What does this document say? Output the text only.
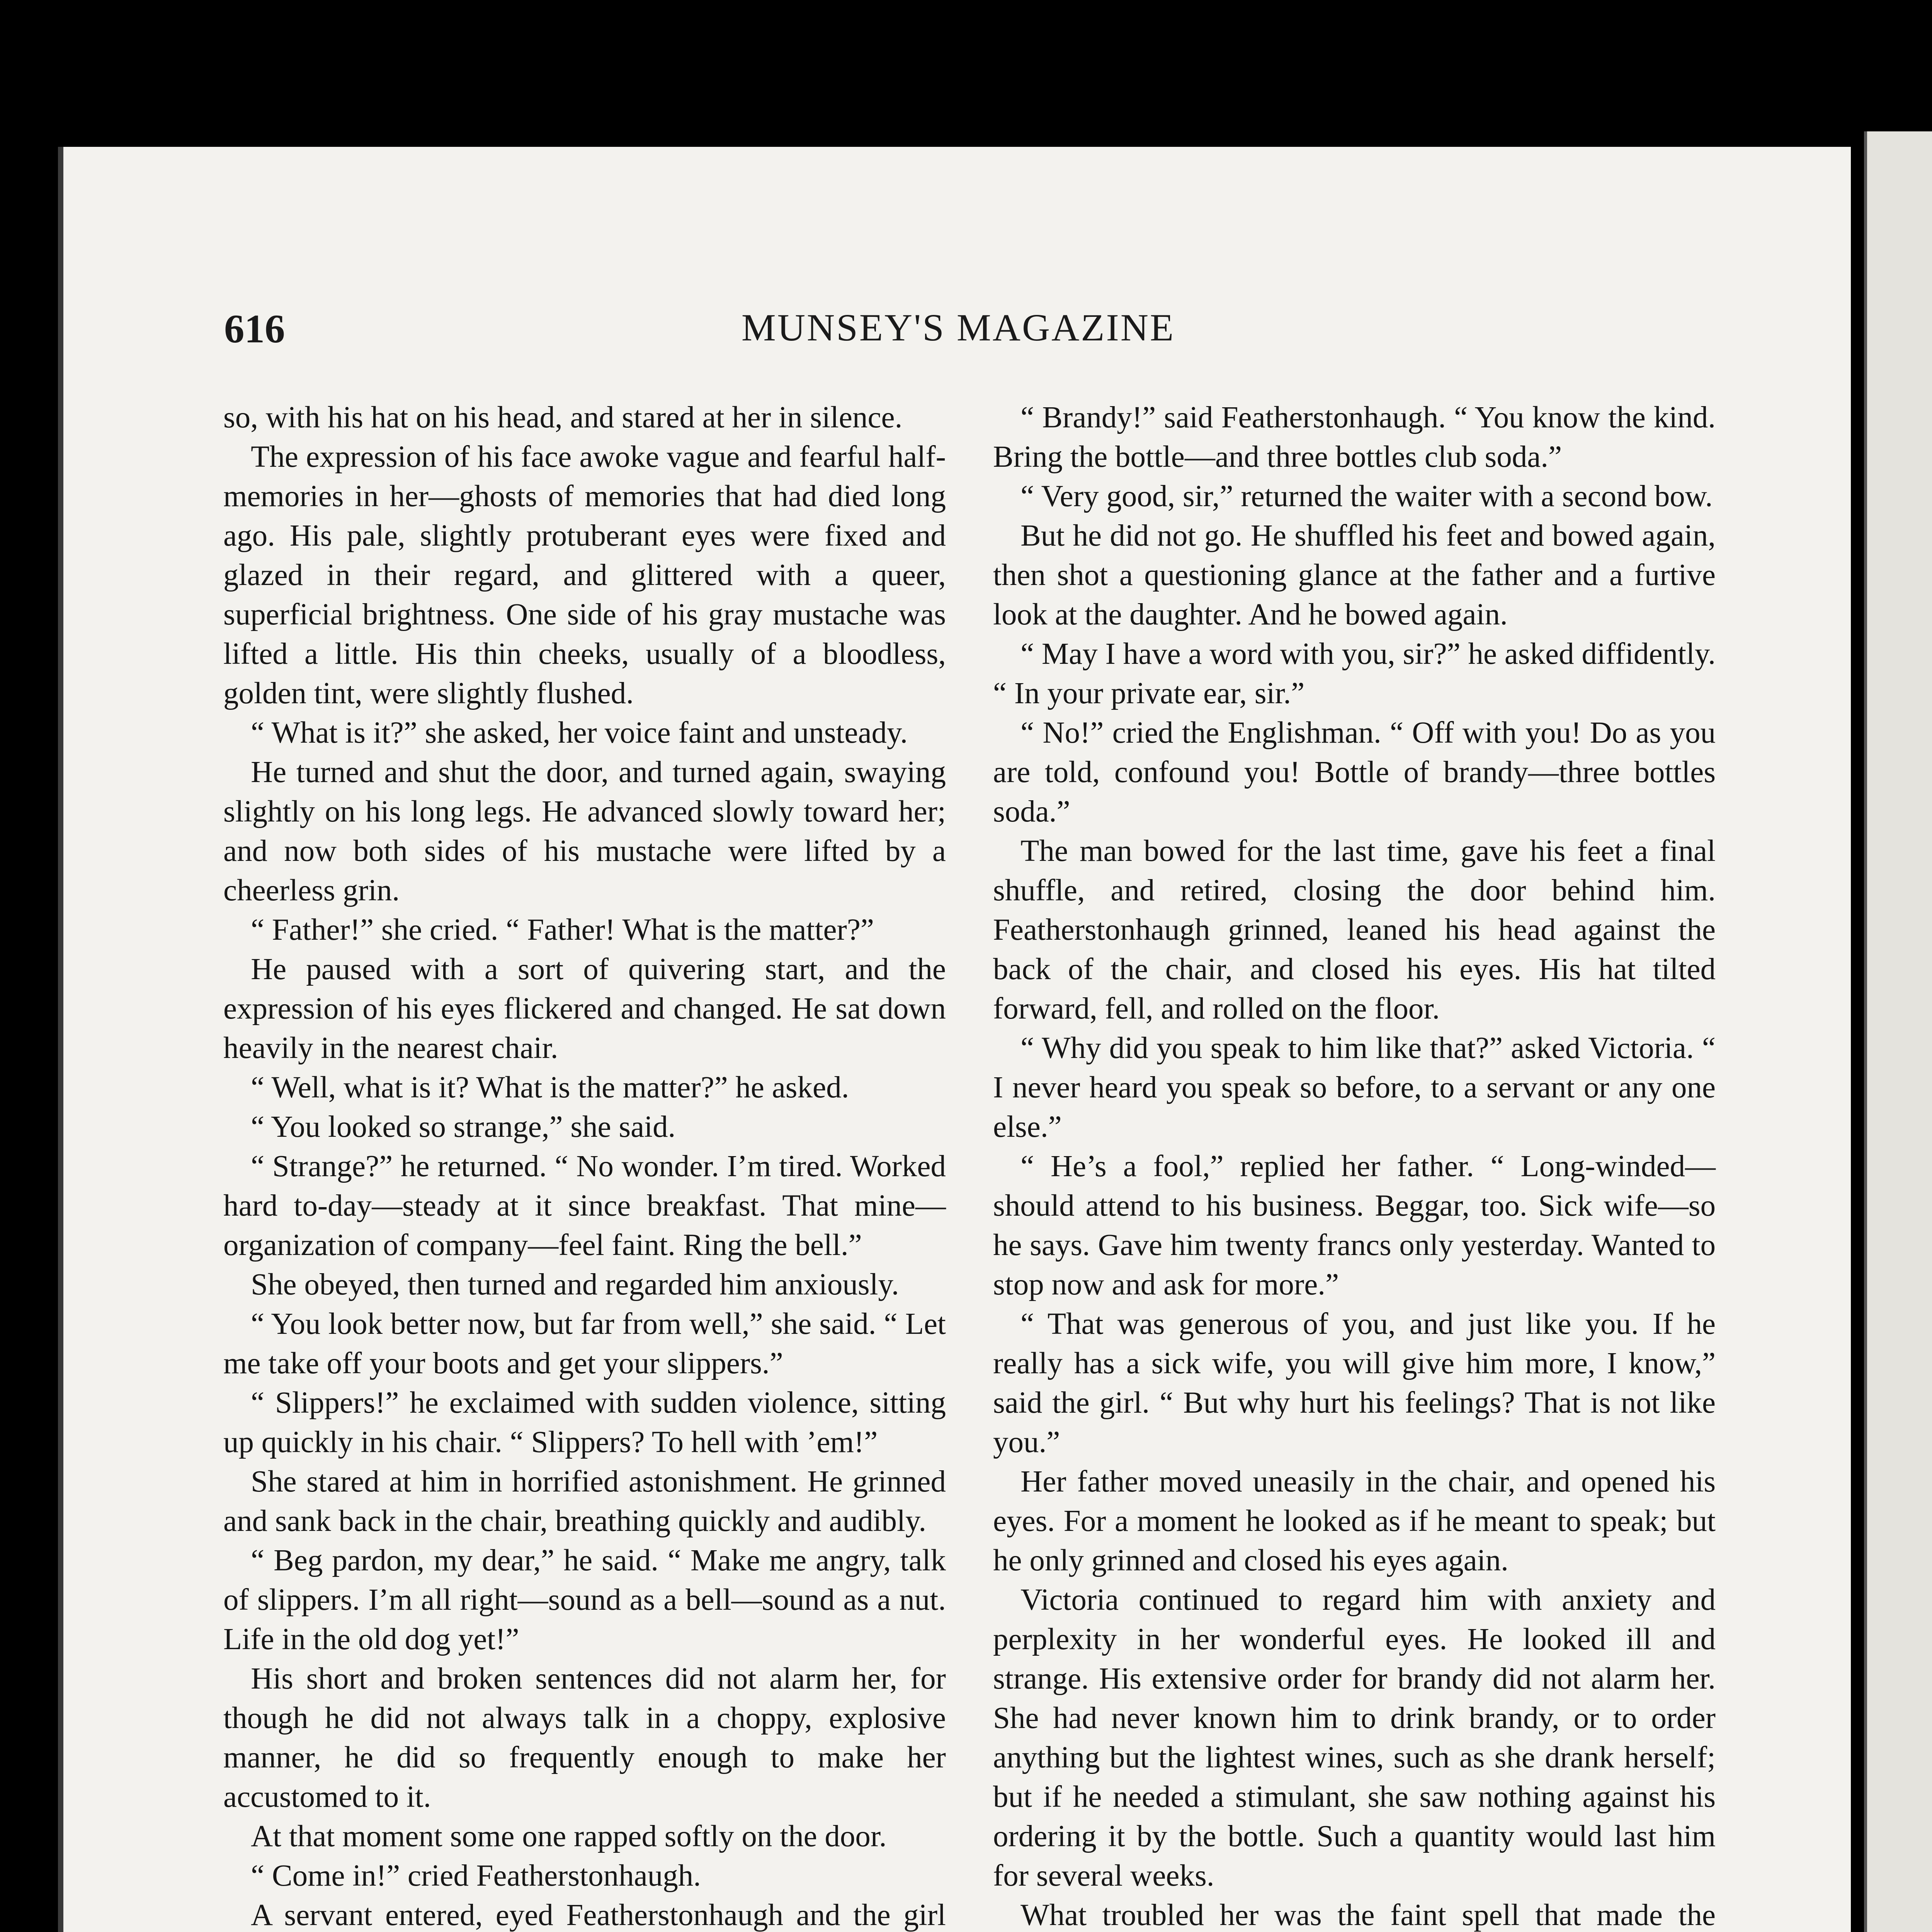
616	MUNSEY'S MAGAZINE

so, with his hat on his head, and stared at her in silence.

The expression of his face awoke vague and fearful half-memories in her—ghosts of memories that had died long ago. His pale, slightly protuberant eyes were fixed and glazed in their regard, and glittered with a queer, superficial brightness. One side of his gray mustache was lifted a little. His thin cheeks, usually of a bloodless, golden tint, were slightly flushed.

“ What is it?” she asked, her voice faint and unsteady.

He turned and shut the door, and turned again, swaying slightly on his long legs. He advanced slowly toward her; and now both sides of his mustache were lifted by a cheerless grin.

“ Father!” she cried. “ Father! What is the matter?”

He paused with a sort of quivering start, and the expression of his eyes flickered and changed. He sat down heavily in the nearest chair.

“ Well, what is it? What is the matter?” he asked.

“ You looked so strange,” she said.

“ Strange?” he returned. “ No wonder. I’m tired. Worked hard to-day—steady at it since breakfast. That mine—organization of company—feel faint. Ring the bell.”

She obeyed, then turned and regarded him anxiously.

“ You look better now, but far from well,” she said. “ Let me take off your boots and get your slippers.”

“ Slippers!” he exclaimed with sudden violence, sitting up quickly in his chair. “ Slippers? To hell with ’em!”

She stared at him in horrified astonishment. He grinned and sank back in the chair, breathing quickly and audibly.

“ Beg pardon, my dear,” he said. “ Make me angry, talk of slippers. I’m all right—sound as a bell—sound as a nut. Life in the old dog yet!”

His short and broken sentences did not alarm her, for though he did not always talk in a choppy, explosive manner, he did so frequently enough to make her accustomed to it.

At that moment some one rapped softly on the door.

“ Come in!” cried Featherstonhaugh.

A servant entered, eyed Featherstonhaugh and the girl

“ Brandy!” said Featherstonhaugh. “ You know the kind. Bring the bottle—and three bottles club soda.”

“ Very good, sir,” returned the waiter with a second bow.

But he did not go. He shuffled his feet and bowed again, then shot a questioning glance at the father and a furtive look at the daughter. And he bowed again.

“ May I have a word with you, sir?” he asked diffidently. “ In your private ear, sir.”

“ No!” cried the Englishman. “ Off with you! Do as you are told, confound you! Bottle of brandy—three bottles soda.”

The man bowed for the last time, gave his feet a final shuffle, and retired, closing the door behind him. Featherstonhaugh grinned, leaned his head against the back of the chair, and closed his eyes. His hat tilted forward, fell, and rolled on the floor.

“ Why did you speak to him like that?” asked Victoria. “ I never heard you speak so before, to a servant or any one else.”

“ He’s a fool,” replied her father. “ Long-winded—should attend to his business. Beggar, too. Sick wife—so he says. Gave him twenty francs only yesterday. Wanted to stop now and ask for more.”

“ That was generous of you, and just like you. If he really has a sick wife, you will give him more, I know,” said the girl. “ But why hurt his feelings? That is not like you.”

Her father moved uneasily in the chair, and opened his eyes. For a moment he looked as if he meant to speak; but he only grinned and closed his eyes again.

Victoria continued to regard him with anxiety and perplexity in her wonderful eyes. He looked ill and strange. His extensive order for brandy did not alarm her. She had never known him to drink brandy, or to order anything but the lightest wines, such as she drank herself; but if he needed a stimulant, she saw nothing against his ordering it by the bottle. Such a quantity would last him for several weeks.

What troubled her was the faint spell that made the
